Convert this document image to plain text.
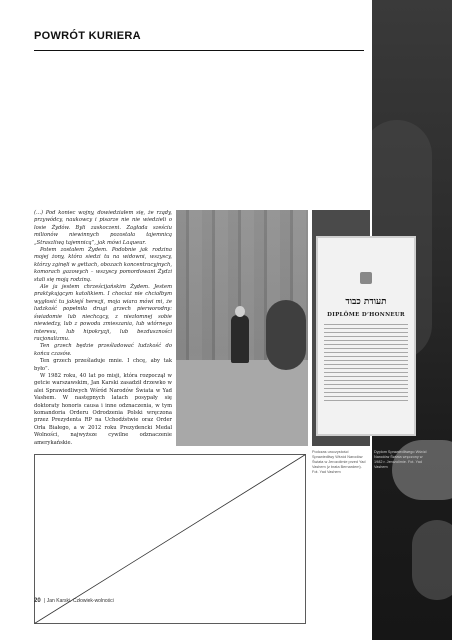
POWRÓT KURIERA

(...) Pod koniec wojny, dowiedziałem się, że rządy, przywódcy, naukowcy i pisarze nie nie wiedzieli o losie Żydów. Byli zaskoczeni. Zagłada sześciu milionów niewinnych pozostała tajemnicą „Straszliwą tajemnicą”, jak mówi Laqueur.

Potem zostałem Żydem. Podobnie jak rodzina mojej żony, która siedzi tu na widowni, wszyscy, którzy zginęli w gettach, obozach koncentracyjnych, komorach gazowych – wszyscy pomordowani Żydzi stali się moją rodziną.

Ale ja jestem chrześcijańskim Żydem. Jestem praktykującym katolikiem. I chociaż nie chciałbym wygłosić tu jakiejś herezji, moja wiara mówi mi, że ludzkość popełniła drugi grzech pierworodny: świadomie lub niechcący, z niezłomnej sobie niewiedzy, lub z powodu zmieszania, lub wtórnego interesu, lub hipokryzji, lub bezduszności racjonalizmu.

Ten grzech będzie prześladować ludzkość do końca czasów.

Ten grzech prześladuje mnie. I chcę, aby tak było”.

W 1982 roku, 40 lat po misji, która rozpoczął w getcie warszawskim, Jan Karski zasadził drzewko w alei Sprawiedliwych Wśród Narodów Świata w Yad Vashem. W następnych latach posypały się doktoraty honoris causa i inne odznaczenia, w tym komandoria Orderu Odrodzenia Polski wręczona przez Prezydenta RP na Uchodźstwie oraz Order Orła Białego, a w 2012 roku Prezydencki Medal Wolności, najwyższe cywilne odznaczenie amerykańskie.

תעודת כבוד
DIPLÔME D’HONNEUR
Podczas uroczystości Sprawiedliwy Wśród Narodów Świata w Jerozolimie przed Yad Vashem (z brata Bernardem). Fot. Yad Vashem
Dyplom Sprawiedliwego Wśród Narodów Świata wręczony w 1982 r. Jerozolimie. Fot. Yad Vashem
20 | Jan Karski. Człowiek-wolności
